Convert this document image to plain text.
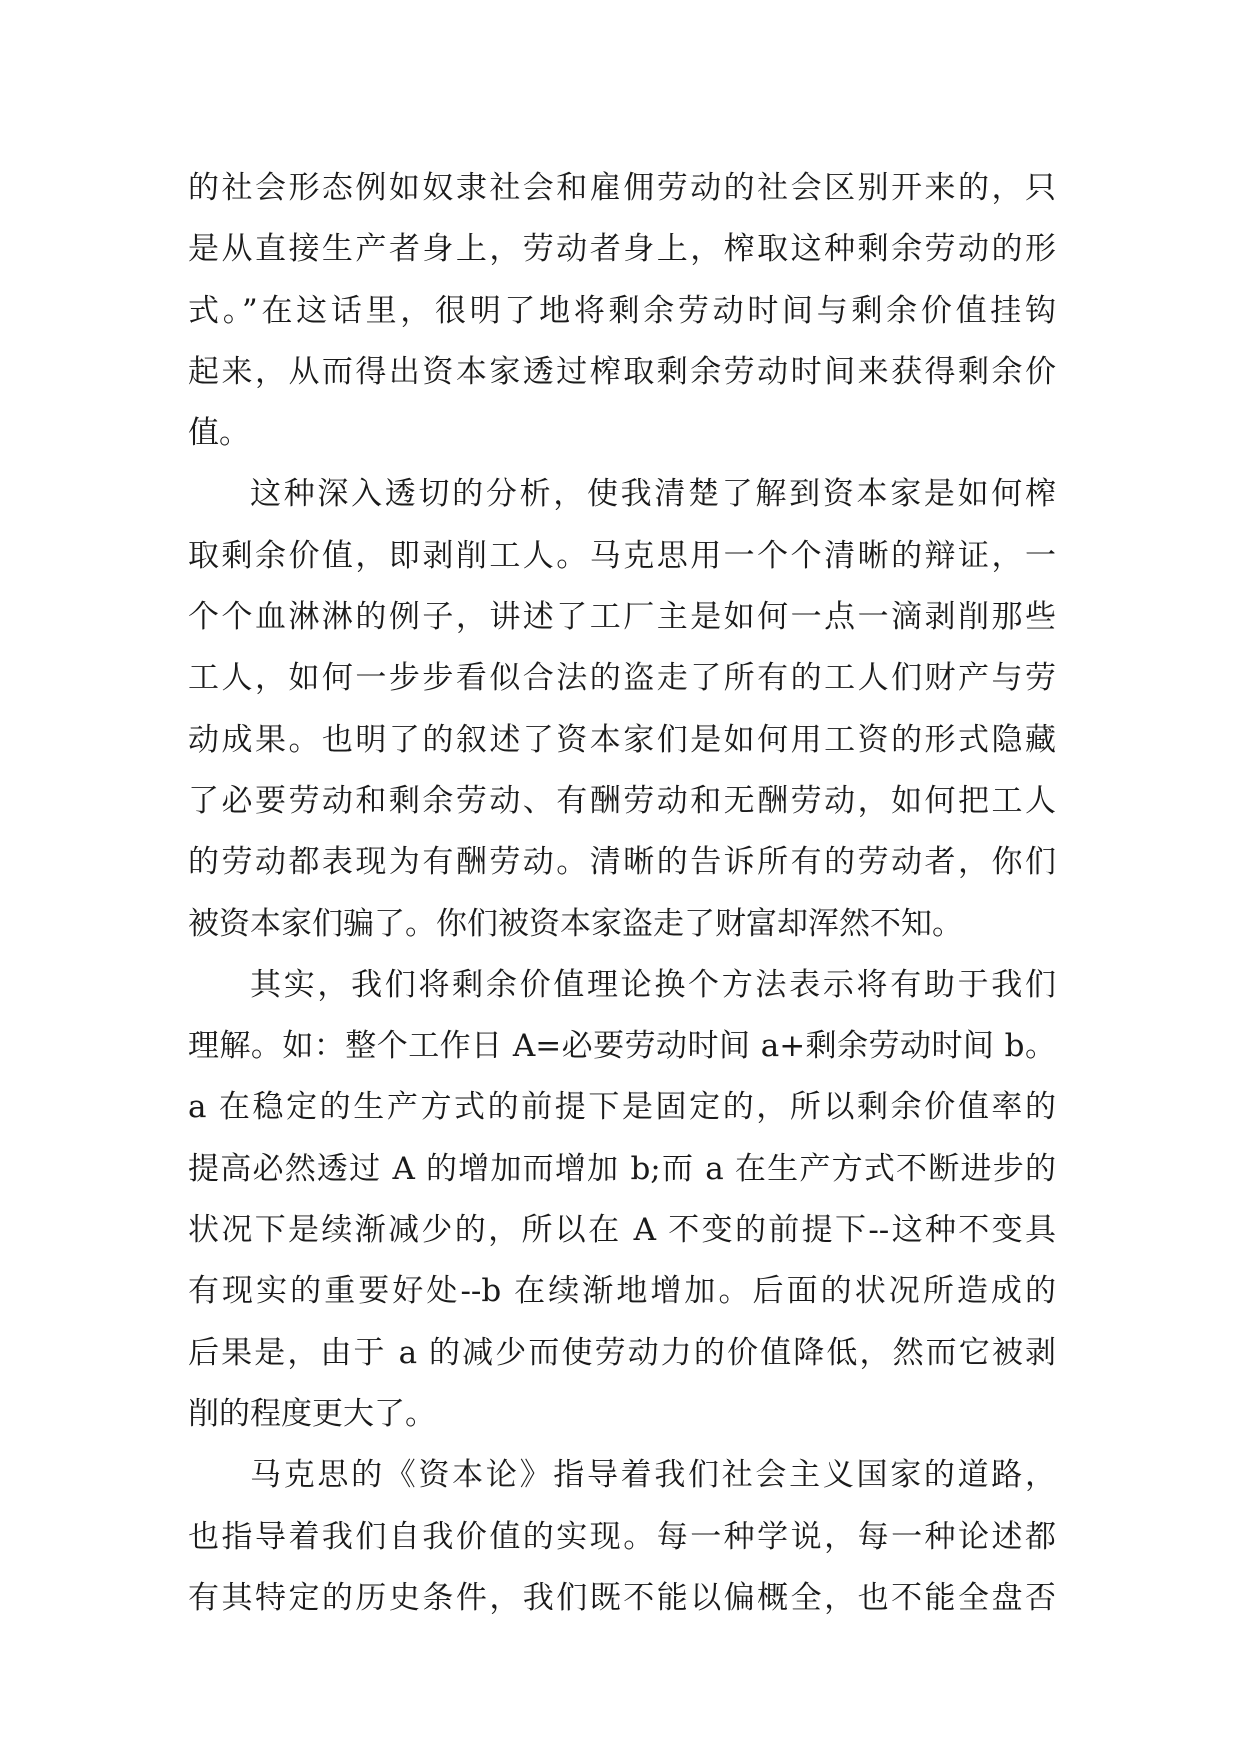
的社会形态例如奴隶社会和雇佣劳动的社会区别开来的，只
是从直接生产者身上，劳动者身上，榨取这种剩余劳动的形
式。”在这话里，很明了地将剩余劳动时间与剩余价值挂钩
起来，从而得出资本家透过榨取剩余劳动时间来获得剩余价
值。
这种深入透切的分析，使我清楚了解到资本家是如何榨
取剩余价值，即剥削工人。马克思用一个个清晰的辩证，一
个个血淋淋的例子，讲述了工厂主是如何一点一滴剥削那些
工人，如何一步步看似合法的盗走了所有的工人们财产与劳
动成果。也明了的叙述了资本家们是如何用工资的形式隐藏
了必要劳动和剩余劳动、有酬劳动和无酬劳动，如何把工人
的劳动都表现为有酬劳动。清晰的告诉所有的劳动者，你们
被资本家们骗了。你们被资本家盗走了财富却浑然不知。
其实，我们将剩余价值理论换个方法表示将有助于我们
理解。如：整个工作日 A=必要劳动时间 a+剩余劳动时间 b。
a 在稳定的生产方式的前提下是固定的，所以剩余价值率的
提高必然透过 A 的增加而增加 b;而 a 在生产方式不断进步的
状况下是续渐减少的，所以在 A 不变的前提下--这种不变具
有现实的重要好处--b 在续渐地增加。后面的状况所造成的
后果是，由于 a 的减少而使劳动力的价值降低，然而它被剥
削的程度更大了。
马克思的《资本论》指导着我们社会主义国家的道路，
也指导着我们自我价值的实现。每一种学说，每一种论述都
有其特定的历史条件，我们既不能以偏概全，也不能全盘否
